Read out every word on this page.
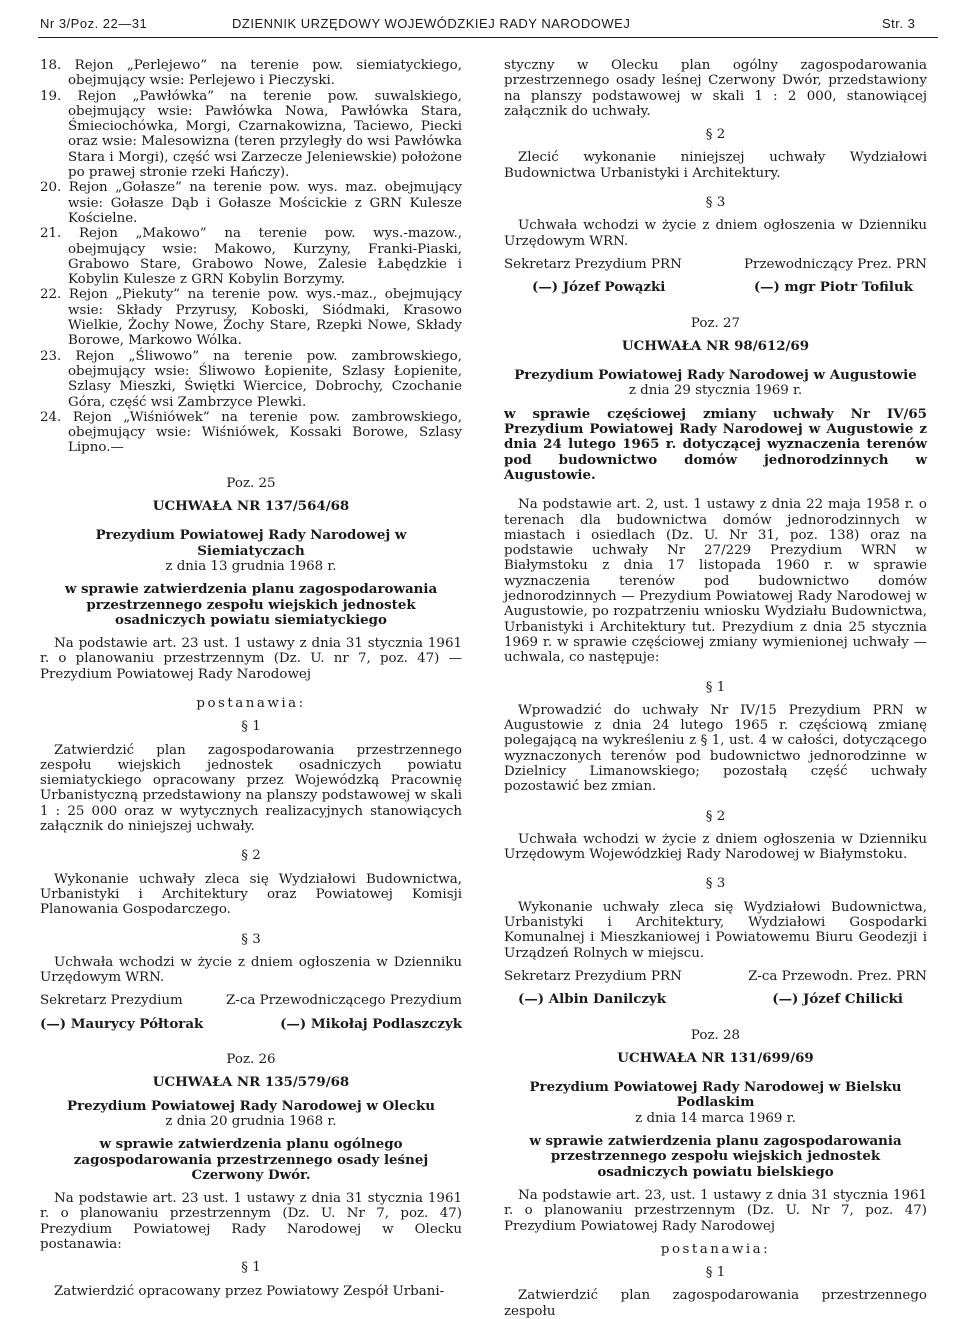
Nr 3/Poz. 22—31	DZIENNIK URZĘDOWY WOJEWÓDZKIEJ RADY NARODOWEJ	Str. 3

18. Rejon „Perlejewo” na terenie pow. siemiatyckiego, obejmujący wsie: Perlejewo i Pieczyski.

19. Rejon „Pawłówka” na terenie pow. suwalskiego, obejmujący wsie: Pawłówka Nowa, Pawłówka Stara, Śmieciochówka, Morgi, Czarnakowizna, Taciewo, Piecki oraz wsie: Malesowizna (teren przyległy do wsi Pawłówka Stara i Morgi), część wsi Zarzecze Jeleniewskie) położone po prawej stronie rzeki Hańczy).

20. Rejon „Gołasze” na terenie pow. wys. maz. obejmujący wsie: Gołasze Dąb i Gołasze Mościckie z GRN Kulesze Kościelne.

21. Rejon „Makowo” na terenie pow. wys.-mazow., obejmujący wsie: Makowo, Kurzyny, Franki-Piaski, Grabowo Stare, Grabowo Nowe, Zalesie Łabędzkie i Kobylin Kulesze z GRN Kobylin Borzymy.

22. Rejon „Piekuty” na terenie pow. wys.-maz., obejmujący wsie: Składy Przyrusy, Koboski, Siódmaki, Krasowo Wielkie, Żochy Nowe, Żochy Stare, Rzepki Nowe, Składy Borowe, Markowo Wólka.

23. Rejon „Śliwowo” na terenie pow. zambrowskiego, obejmujący wsie: Śliwowo Łopienite, Szlasy Łopienite, Szlasy Mieszki, Świętki Wiercice, Dobrochy, Czochanie Góra, część wsi Zambrzyce Plewki.

24. Rejon „Wiśniówek” na terenie pow. zambrowskiego, obejmujący wsie: Wiśniówek, Kossaki Borowe, Szlasy Lipno.—

Poz. 25

UCHWAŁA NR 137/564/68

Prezydium Powiatowej Rady Narodowej w Siemiatyczach

z dnia 13 grudnia 1968 r.

w sprawie zatwierdzenia planu zagospodarowania przestrzennego zespołu wiejskich jednostek osadniczych powiatu siemiatyckiego

Na podstawie art. 23 ust. 1 ustawy z dnia 31 stycznia 1961 r. o planowaniu przestrzennym (Dz. U. nr 7, poz. 47) — Prezydium Powiatowej Rady Narodowej

postanawia:

§ 1

Zatwierdzić plan zagospodarowania przestrzennego zespołu wiejskich jednostek osadniczych powiatu siemiatyckiego opracowany przez Wojewódzką Pracownię Urbanistyczną przedstawiony na planszy podstawowej w skali 1 : 25 000 oraz w wytycznych realizacyjnych stanowiących załącznik do niniejszej uchwały.

§ 2

Wykonanie uchwały zleca się Wydziałowi Budownictwa, Urbanistyki i Architektury oraz Powiatowej Komisji Planowania Gospodarczego.

§ 3

Uchwała wchodzi w życie z dniem ogłoszenia w Dzienniku Urzędowym WRN.

Sekretarz Prezydium	Z-ca Przewodniczącego Prezydium
(—) Maurycy Półtorak	(—) Mikołaj Podlaszczyk

Poz. 26

UCHWAŁA NR 135/579/68

Prezydium Powiatowej Rady Narodowej w Olecku

z dnia 20 grudnia 1968 r.

w sprawie zatwierdzenia planu ogólnego zagospodarowania przestrzennego osady leśnej Czerwony Dwór.

Na podstawie art. 23 ust. 1 ustawy z dnia 31 stycznia 1961 r. o planowaniu przestrzennym (Dz. U. Nr 7, poz. 47) Prezydium Powiatowej Rady Narodowej w Olecku postanawia:

§ 1

Zatwierdzić opracowany przez Powiatowy Zespół Urbani-

styczny w Olecku plan ogólny zagospodarowania przestrzennego osady leśnej Czerwony Dwór, przedstawiony na planszy podstawowej w skali 1 : 2 000, stanowiącej załącznik do uchwały.

§ 2

Zlecić wykonanie niniejszej uchwały Wydziałowi Budownictwa Urbanistyki i Architektury.

§ 3

Uchwała wchodzi w życie z dniem ogłoszenia w Dzienniku Urzędowym WRN.

Sekretarz Prezydium PRN	Przewodniczący Prez. PRN
(—) Józef Powązki	(—) mgr Piotr Tofiluk

Poz. 27

UCHWAŁA NR 98/612/69

Prezydium Powiatowej Rady Narodowej w Augustowie

z dnia 29 stycznia 1969 r.

w sprawie częściowej zmiany uchwały Nr IV/65 Prezydium Powiatowej Rady Narodowej w Augustowie z dnia 24 lutego 1965 r. dotyczącej wyznaczenia terenów pod budownictwo domów jednorodzinnych w Augustowie.

Na podstawie art. 2, ust. 1 ustawy z dnia 22 maja 1958 r. o terenach dla budownictwa domów jednorodzinnych w miastach i osiedlach (Dz. U. Nr 31, poz. 138) oraz na podstawie uchwały Nr 27/229 Prezydium WRN w Białymstoku z dnia 17 listopada 1960 r. w sprawie wyznaczenia terenów pod budownictwo domów jednorodzinnych — Prezydium Powiatowej Rady Narodowej w Augustowie, po rozpatrzeniu wniosku Wydziału Budownictwa, Urbanistyki i Architektury tut. Prezydium z dnia 25 stycznia 1969 r. w sprawie częściowej zmiany wymienionej uchwały — uchwala, co następuje:

§ 1

Wprowadzić do uchwały Nr IV/15 Prezydium PRN w Augustowie z dnia 24 lutego 1965 r. częściową zmianę polegającą na wykreśleniu z § 1, ust. 4 w całości, dotyczącego wyznaczonych terenów pod budownictwo jednorodzinne w Dzielnicy Limanowskiego; pozostałą część uchwały pozostawić bez zmian.

§ 2

Uchwała wchodzi w życie z dniem ogłoszenia w Dzienniku Urzędowym Wojewódzkiej Rady Narodowej w Białymstoku.

§ 3

Wykonanie uchwały zleca się Wydziałowi Budownictwa, Urbanistyki i Architektury, Wydziałowi Gospodarki Komunalnej i Mieszkaniowej i Powiatowemu Biuru Geodezji i Urządzeń Rolnych w miejscu.

Sekretarz Prezydium PRN	Z-ca Przewodn. Prez. PRN
(—) Albin Danilczyk	(—) Józef Chilicki

Poz. 28

UCHWAŁA NR 131/699/69

Prezydium Powiatowej Rady Narodowej w Bielsku Podlaskim

z dnia 14 marca 1969 r.

w sprawie zatwierdzenia planu zagospodarowania przestrzennego zespołu wiejskich jednostek osadniczych powiatu bielskiego

Na podstawie art. 23, ust. 1 ustawy z dnia 31 stycznia 1961 r. o planowaniu przestrzennym (Dz. U. Nr 7, poz. 47) Prezydium Powiatowej Rady Narodowej

postanawia:

§ 1

Zatwierdzić plan zagospodarowania przestrzennego zespołu
